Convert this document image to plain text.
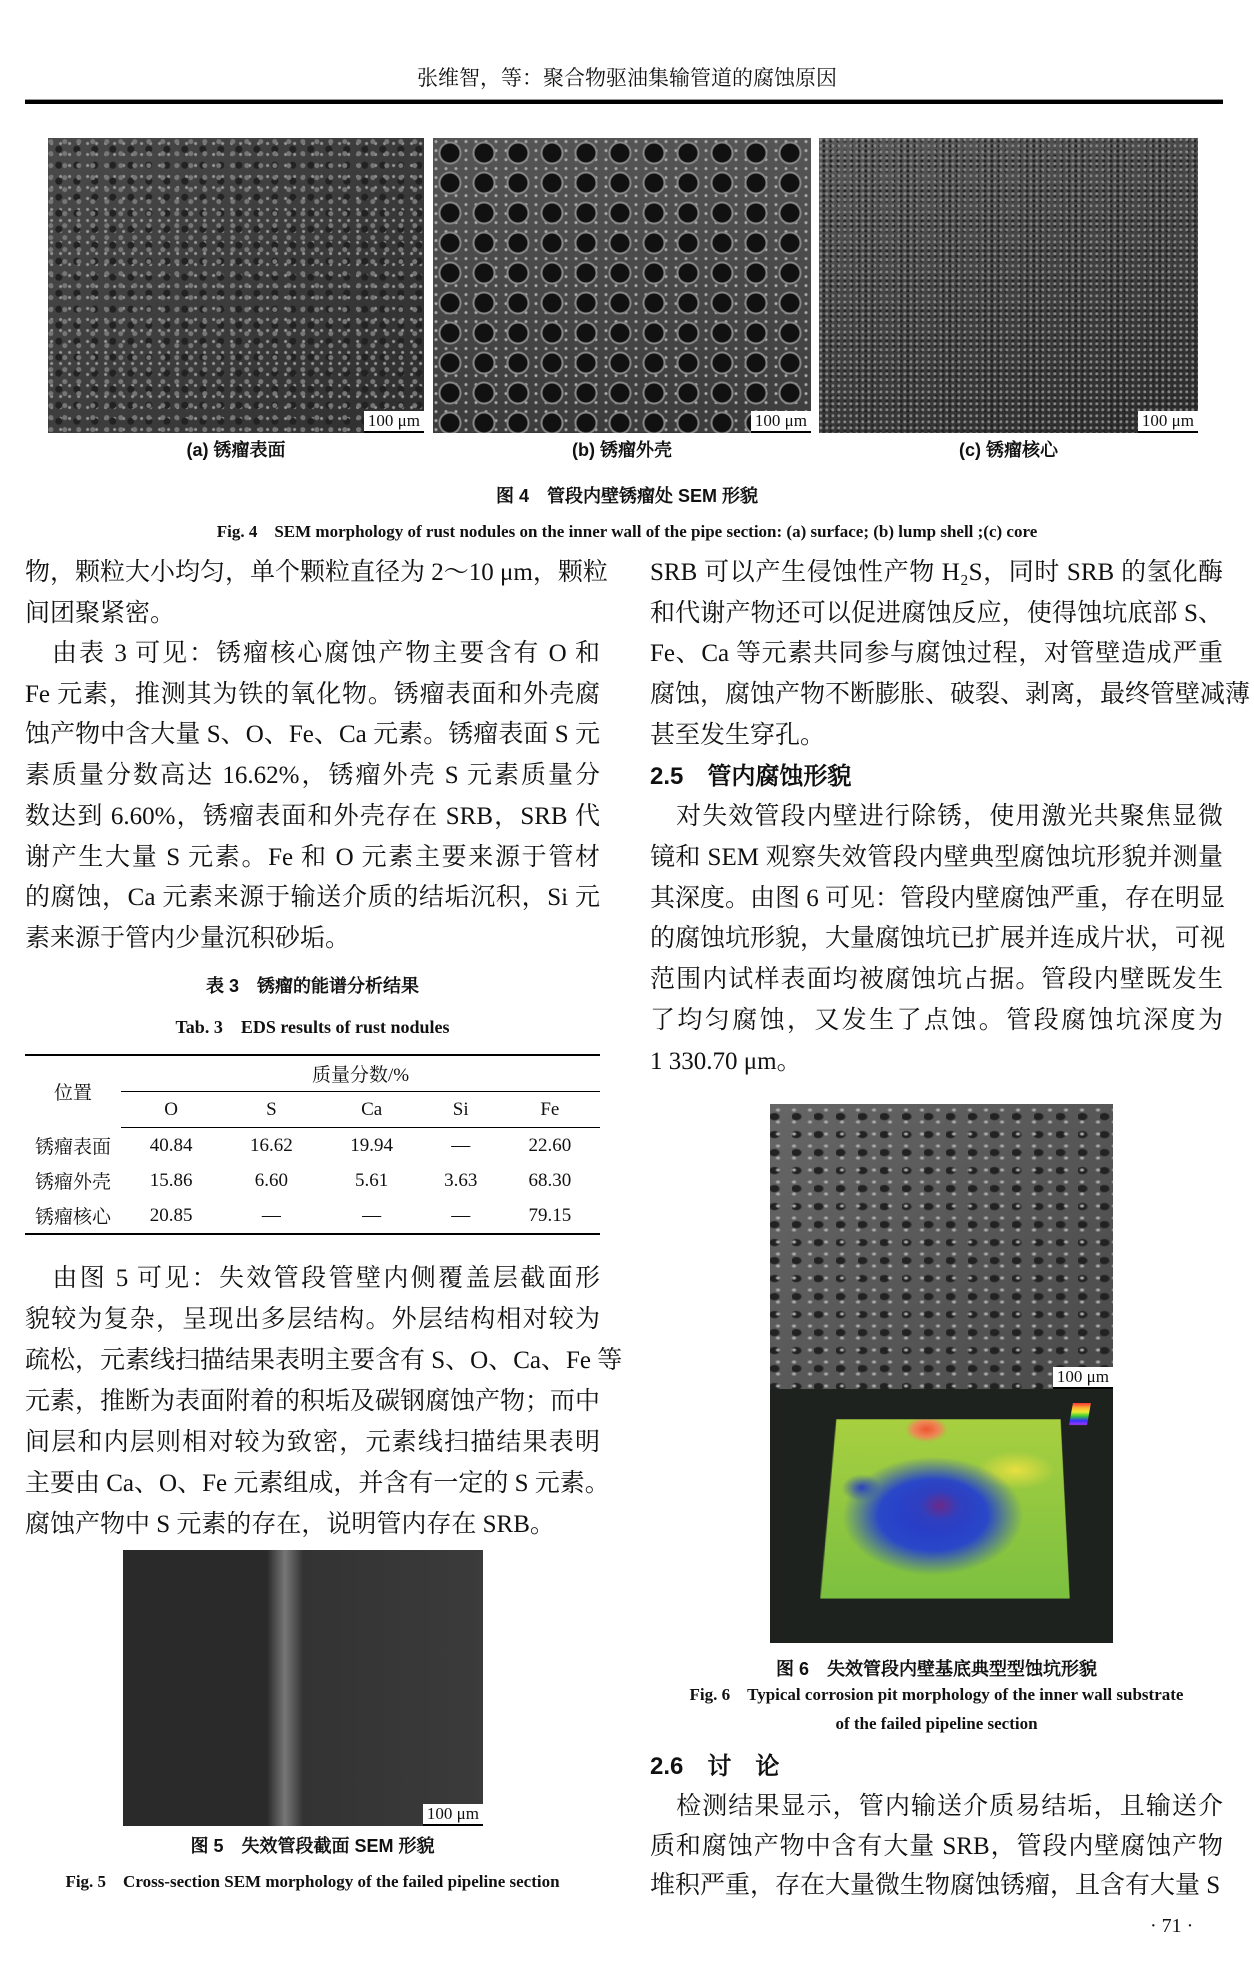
张维智，等：聚合物驱油集输管道的腐蚀原因
100 μm	100 μm	100 μm
(a) 锈瘤表面	(b) 锈瘤外壳	(c) 锈瘤核心
图 4　管段内壁锈瘤处 SEM 形貌
Fig. 4　SEM morphology of rust nodules on the inner wall of the pipe section: (a) surface; (b) lump shell ;(c) core
物，颗粒大小均匀，单个颗粒直径为 2～10 μm，颗粒
间团聚紧密。
　由表 3 可见：锈瘤核心腐蚀产物主要含有 O 和
Fe 元素，推测其为铁的氧化物。锈瘤表面和外壳腐
蚀产物中含大量 S、O、Fe、Ca 元素。锈瘤表面 S 元
素质量分数高达 16.62%，锈瘤外壳 S 元素质量分
数达到 6.60%，锈瘤表面和外壳存在 SRB，SRB 代
谢产生大量 S 元素。Fe 和 O 元素主要来源于管材
的腐蚀，Ca 元素来源于输送介质的结垢沉积，Si 元
素来源于管内少量沉积砂垢。
　由图 5 可见：失效管段管壁内侧覆盖层截面形
貌较为复杂，呈现出多层结构。外层结构相对较为
疏松，元素线扫描结果表明主要含有 S、O、Ca、Fe 等
元素，推断为表面附着的积垢及碳钢腐蚀产物；而中
间层和内层则相对较为致密，元素线扫描结果表明
主要由 Ca、O、Fe 元素组成，并含有一定的 S 元素。
腐蚀产物中 S 元素的存在，说明管内存在 SRB。
表 3　锈瘤的能谱分析结果
Tab. 3　EDS results of rust nodules
位置	质量分数/%				
	O	S	Ca	Si	Fe
锈瘤表面	40.84	16.62	19.94	—	22.60
锈瘤外壳	15.86	6.60	5.61	3.63	68.30
锈瘤核心	20.85	—	—	—	79.15
100 μm
图 5　失效管段截面 SEM 形貌
Fig. 5　Cross-section SEM morphology of the failed pipeline section
SRB 可以产生侵蚀性产物 H₂S，同时 SRB 的氢化酶
和代谢产物还可以促进腐蚀反应，使得蚀坑底部 S、
Fe、Ca 等元素共同参与腐蚀过程，对管壁造成严重
腐蚀，腐蚀产物不断膨胀、破裂、剥离，最终管壁减薄
甚至发生穿孔。
　对失效管段内壁进行除锈，使用激光共聚焦显微
镜和 SEM 观察失效管段内壁典型腐蚀坑形貌并测量
其深度。由图 6 可见：管段内壁腐蚀严重，存在明显
的腐蚀坑形貌，大量腐蚀坑已扩展并连成片状，可视
范围内试样表面均被腐蚀坑占据。管段内壁既发生
了均匀腐蚀，又发生了点蚀。管段腐蚀坑深度为
1 330.70 μm。
　检测结果显示，管内输送介质易结垢，且输送介
质和腐蚀产物中含有大量 SRB，管段内壁腐蚀产物
堆积严重，存在大量微生物腐蚀锈瘤，且含有大量 S
2.5　管内腐蚀形貌
2.6　讨　论
100 μm
图 6　失效管段内壁基底典型型蚀坑形貌
Fig. 6　Typical corrosion pit morphology of the inner wall substrate
of the failed pipeline section
· 71 ·
